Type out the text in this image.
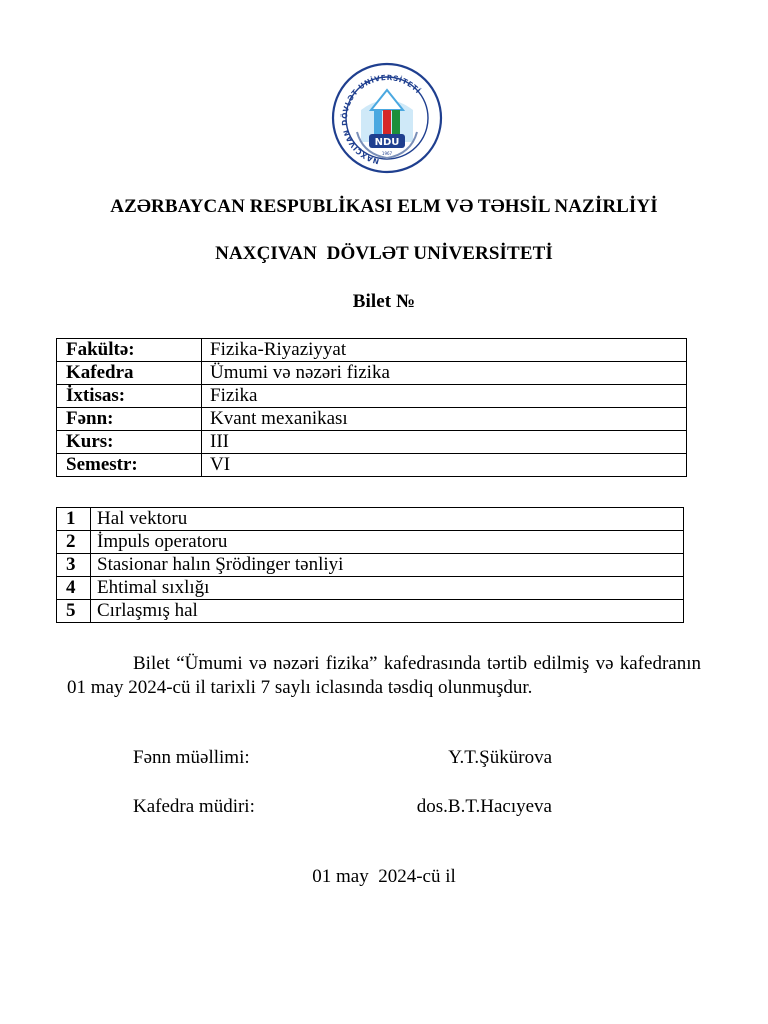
NAXÇIVAN DÖVLƏT UNİVERSİTETİ
NDU
1967
AZƏRBAYCAN RESPUBLİKASI ELM VƏ TƏHSİL NAZİRLİYİ
NAXÇIVAN  DÖVLƏT UNİVERSİTETİ
Bilet №
Fakültə:	Fizika-Riyaziyyat
Kafedra	Ümumi və nəzəri fizika
İxtisas:	Fizika
Fənn:	Kvant mexanikası
Kurs:	III
Semestr:	VI
1	Hal vektoru
2	İmpuls operatoru
3	Stasionar halın Şrödinger tənliyi
4	Ehtimal sıxlığı
5	Cırlaşmış hal

Bilet “Ümumi və nəzəri fizika” kafedrasında tərtib edilmiş və kafedranın 01 may 2024-cü il tarixli 7 saylı iclasında təsdiq olunmuşdur.

Fənn müəllimi:	Y.T.Şükürova
Kafedra müdiri:	dos.B.T.Hacıyeva
01 may  2024-cü il
